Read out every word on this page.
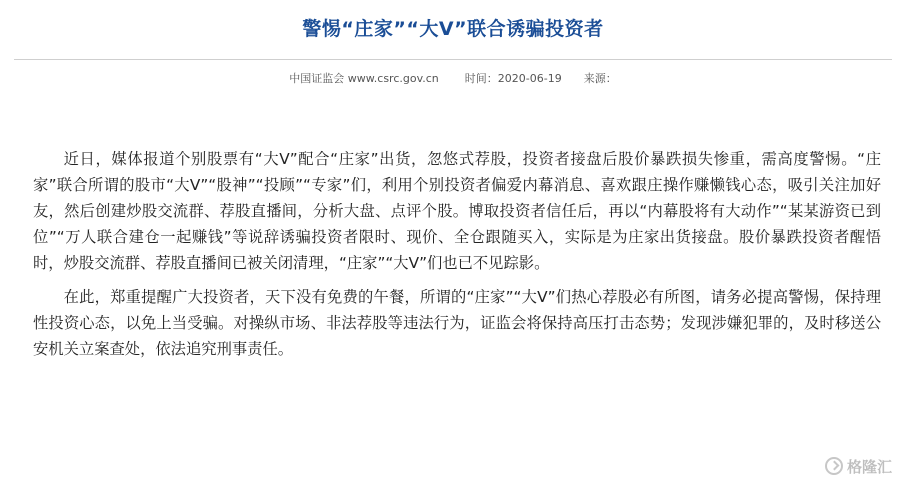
警惕“庄家”“大V”联合诱骗投资者
中国证监会 www.csrc.gov.cn 时间：2020-06-19 来源：

近日，媒体报道个别股票有“大V”配合“庄家”出货，忽悠式荐股，投资者接盘后股价暴跌损失惨重，需高度警惕。“庄家”联合所谓的股市“大V”“股神”“投顾”“专家”们，利用个别投资者偏爱内幕消息、喜欢跟庄操作赚懒钱心态，吸引关注加好友，然后创建炒股交流群、荐股直播间，分析大盘、点评个股。博取投资者信任后，再以“内幕股将有大动作”“某某游资已到位”“万人联合建仓一起赚钱”等说辞诱骗投资者限时、现价、全仓跟随买入，实际是为庄家出货接盘。股价暴跌投资者醒悟时，炒股交流群、荐股直播间已被关闭清理，“庄家”“大V”们也已不见踪影。

在此，郑重提醒广大投资者，天下没有免费的午餐，所谓的“庄家”“大V”们热心荐股必有所图，请务必提高警惕，保持理性投资心态，以免上当受骗。对操纵市场、非法荐股等违法行为，证监会将保持高压打击态势；发现涉嫌犯罪的，及时移送公安机关立案查处，依法追究刑事责任。

格隆汇
